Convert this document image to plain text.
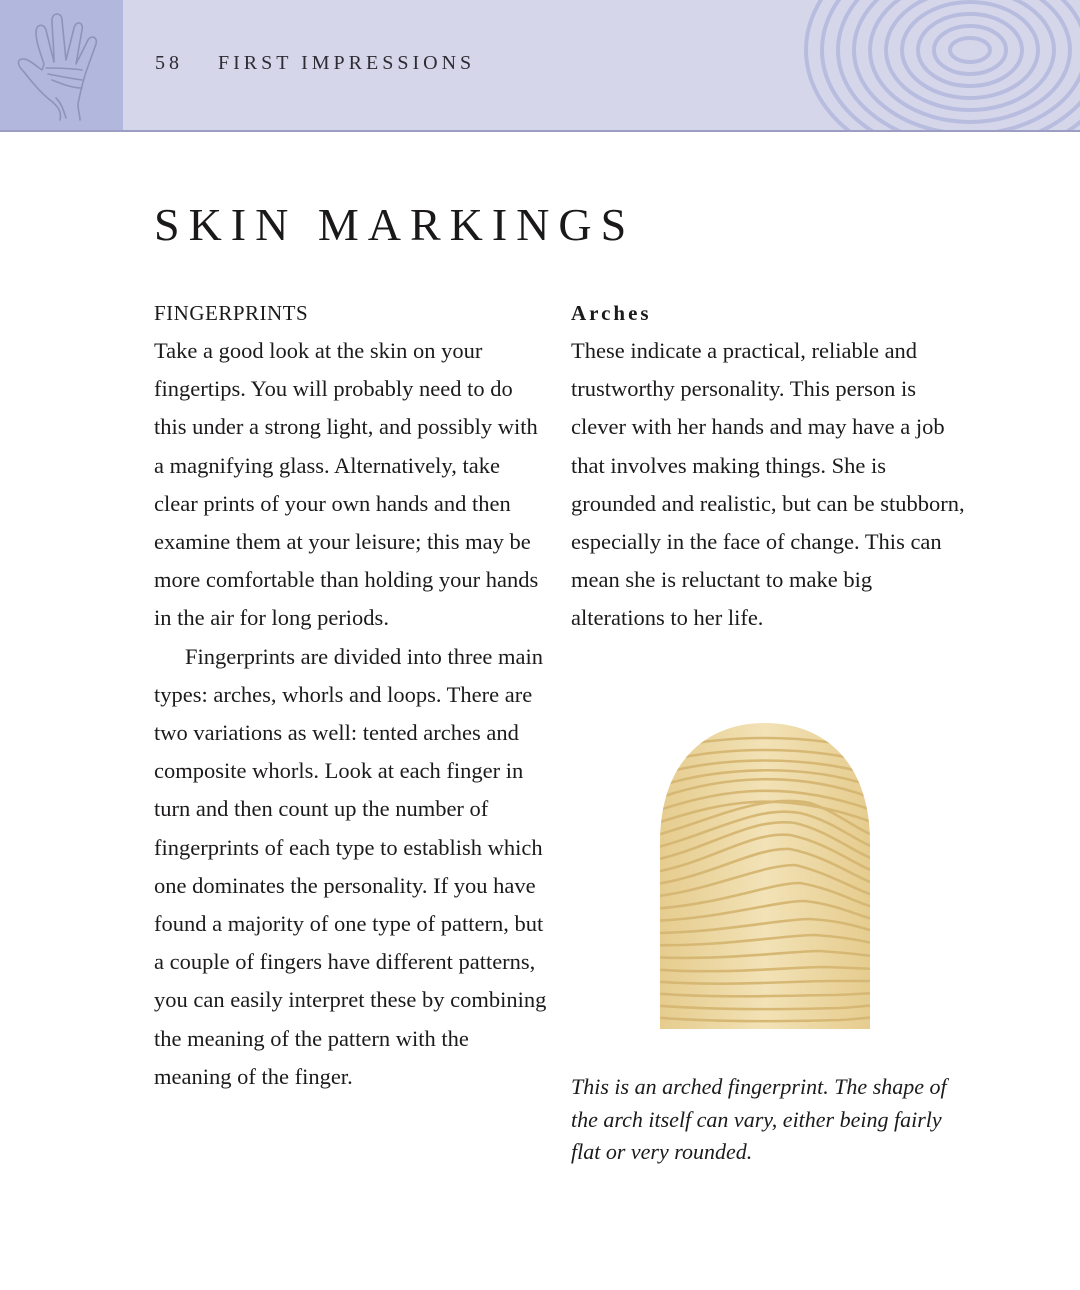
58 FIRST IMPRESSIONS
SKIN MARKINGS
FINGERPRINTS

Take a good look at the skin on your fingertips. You will probably need to do this under a strong light, and possibly with a magnifying glass. Alternatively, take clear prints of your own hands and then examine them at your leisure; this may be more comfortable than holding your hands in the air for long periods.

Fingerprints are divided into three main types: arches, whorls and loops. There are two variations as well: tented arches and composite whorls. Look at each finger in turn and then count up the number of fingerprints of each type to establish which one dominates the personality. If you have found a majority of one type of pattern, but a couple of fingers have different patterns, you can easily interpret these by combining the meaning of the pattern with the meaning of the finger.

Arches

These indicate a practical, reliable and trustworthy personality. This person is clever with her hands and may have a job that involves making things. She is grounded and realistic, but can be stubborn, especially in the face of change. This can mean she is reluctant to make big alterations to her life.

This is an arched fingerprint. The shape of the arch itself can vary, either being fairly flat or very rounded.
